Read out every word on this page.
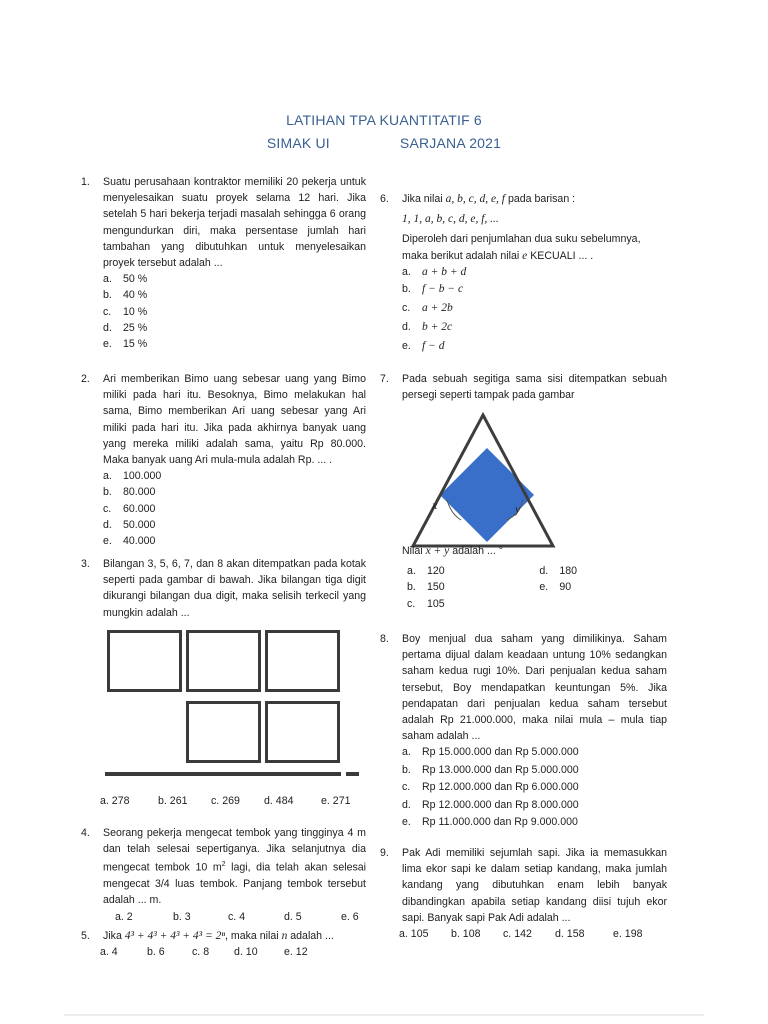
LATIHAN TPA KUANTITATIF 6
SIMAK UI	SARJANA 2021
1. Suatu perusahaan kontraktor memiliki 20 pekerja untuk menyelesaikan suatu proyek selama 12 hari. Jika setelah 5 hari bekerja terjadi masalah sehingga 6 orang mengundurkan diri, maka persentase jumlah hari tambahan yang dibutuhkan untuk menyelesaikan proyek tersebut adalah ...
a.	50 %
b.	40 %
c.	10 %
d.	25 %
e.	15 %
2. Ari memberikan Bimo uang sebesar uang yang Bimo miliki pada hari itu. Besoknya, Bimo melakukan hal sama, Bimo memberikan Ari uang sebesar yang Ari miliki pada hari itu. Jika pada akhirnya banyak uang yang mereka miliki adalah sama, yaitu Rp 80.000. Maka banyak uang Ari mula-mula adalah Rp. ... .
a.	100.000
b.	80.000
c.	60.000
d.	50.000
e.	40.000
3. Bilangan 3, 5, 6, 7, dan 8 akan ditempatkan pada kotak seperti pada gambar di bawah. Jika bilangan tiga digit dikurangi bilangan dua digit, maka selisih terkecil yang mungkin adalah ...
a. 278	b. 261	c. 269	d. 484	e. 271
4. Seorang pekerja mengecat tembok yang tingginya 4 m dan telah selesai sepertiganya. Jika selanjutnya dia mengecat tembok 10 $m^2$ lagi, dia telah akan selesai mengecat 3/4 luas tembok. Panjang tembok tersebut adalah ... m.
a. 2	b. 3	c. 4	d. 5	e. 6
5. Jika 4³ + 4³ + 4³ + 4³ = 2ⁿ, maka nilai n adalah ...
a. 4	b. 6	c. 8	d. 10	e. 12
6. Jika nilai a, b, c, d, e, f pada barisan :
1, 1, a, b, c, d, e, f, ...
Diperoleh dari penjumlahan dua suku sebelumnya, maka berikut adalah nilai e KECUALI ... .
a. a + b + d
b. f − b − c
c.	a + 2b
d. b + 2c
e. f − d
7. Pada sebuah segitiga sama sisi ditempatkan sebuah persegi seperti tampak pada gambar
x	y
Nilai x + y adalah ... °
a. 120
b. 150
c. 105
d. 180
e. 90
8. Boy menjual dua saham yang dimilikinya. Saham pertama dijual dalam keadaan untung 10% sedangkan saham kedua rugi 10%. Dari penjualan kedua saham tersebut, Boy mendapatkan keuntungan 5%. Jika pendapatan dari penjualan kedua saham tersebut adalah Rp 21.000.000, maka nilai mula – mula tiap saham adalah ...
a.	Rp 15.000.000 dan Rp 5.000.000
b.	Rp 13.000.000 dan Rp 5.000.000
c.	Rp 12.000.000 dan Rp 6.000.000
d.	Rp 12.000.000 dan Rp 8.000.000
e.	Rp 11.000.000 dan Rp 9.000.000
9. Pak Adi memiliki sejumlah sapi. Jika ia memasukkan lima ekor sapi ke dalam setiap kandang, maka jumlah kandang yang dibutuhkan enam lebih banyak dibandingkan apabila setiap kandang diisi tujuh ekor sapi. Banyak sapi Pak Adi adalah ...
a. 105	b. 108	c. 142	d. 158	e. 198
